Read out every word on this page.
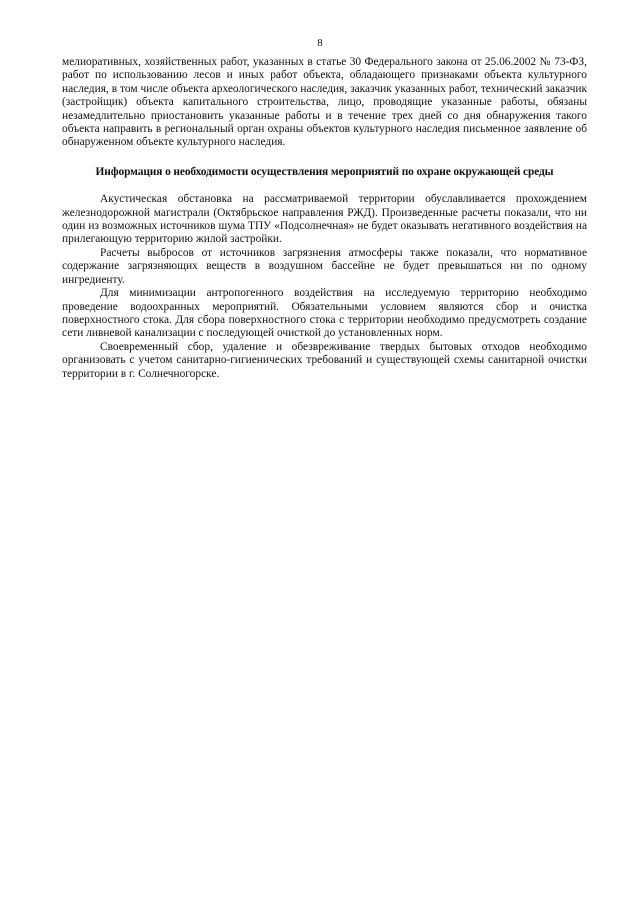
8

мелиоративных, хозяйственных работ, указанных в статье 30 Федерального закона от 25.06.2002 № 73-ФЗ, работ по использованию лесов и иных работ объекта, обладающего признаками объекта культурного наследия, в том числе объекта археологического наследия, заказчик указанных работ, технический заказчик (застройщик) объекта капитального строительства, лицо, проводящие указанные работы, обязаны незамедлительно приостановить указанные работы и в течение трех дней со дня обнаружения такого объекта направить в региональный орган охраны объектов культурного наследия письменное заявление об обнаруженном объекте культурного наследия.

Информация о необходимости осуществления мероприятий по охране окружающей среды

Акустическая обстановка на рассматриваемой территории обуславливается прохождением железнодорожной магистрали (Октябрьское направления РЖД). Произведенные расчеты показали, что ни один из возможных источников шума ТПУ «Подсолнечная» не будет оказывать негативного воздействия на прилегающую территорию жилой застройки.

Расчеты выбросов от источников загрязнения атмосферы также показали, что нормативное содержание загрязняющих веществ в воздушном бассейне не будет превышаться ни по одному ингредиенту.

Для минимизации антропогенного воздействия на исследуемую территорию необходимо проведение водоохранных мероприятий. Обязательными условием являются сбор и очистка поверхностного стока. Для сбора поверхностного стока с территории необходимо предусмотреть создание сети ливневой канализации с последующей очисткой до установленных норм.

Своевременный сбор, удаление и обезвреживание твердых бытовых отходов необходимо организовать с учетом санитарно-гигиенических требований и существующей схемы санитарной очистки территории в г. Солнечногорске.
